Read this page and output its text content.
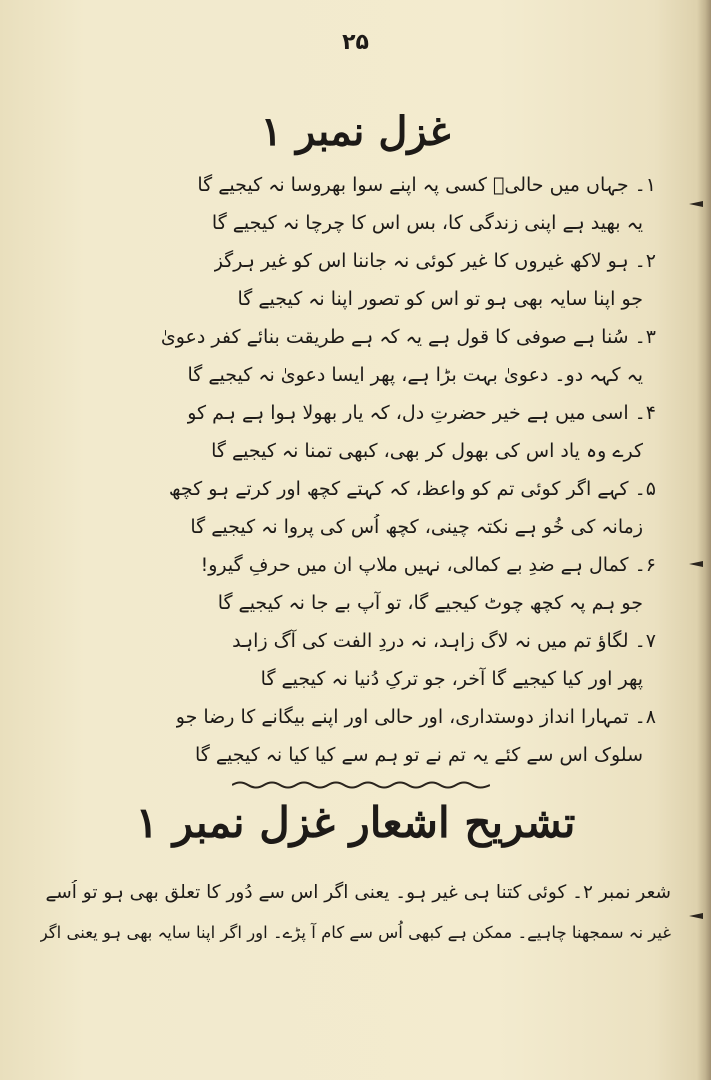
۲۵
غزل نمبر ۱
۱۔ جہاں میں حالیؔ کسی پہ اپنے سوا بھروسا نہ کیجیے گا
یہ بھید ہے اپنی زندگی کا، بس اس کا چرچا نہ کیجیے گا
۲۔ ہو لاکھ غیروں کا غیر کوئی نہ جاننا اس کو غیر ہرگز
جو اپنا سایہ بھی ہو تو اس کو تصور اپنا نہ کیجیے گا
۳۔ سُنا ہے صوفی کا قول ہے یہ کہ ہے طریقت بنائے کفر دعویٰ
یہ کہہ دو۔ دعویٰ بہت بڑا ہے، پھر ایسا دعویٰ نہ کیجیے گا
۴۔ اسی میں ہے خیر حضرتِ دل، کہ یار بھولا ہوا ہے ہم کو
کرے وہ یاد اس کی بھول کر بھی، کبھی تمنا نہ کیجیے گا
۵۔ کہے اگر کوئی تم کو واعظ، کہ کہتے کچھ اور کرتے ہو کچھ
زمانہ کی خُو ہے نکتہ چینی، کچھ اُس کی پروا نہ کیجیے گا
۶۔ کمال ہے ضدِ بے کمالی، نہیں ملاپ ان میں حرفِ گیرو!
جو ہم پہ کچھ چوٹ کیجیے گا، تو آپ بے جا نہ کیجیے گا
۷۔ لگاؤ تم میں نہ لاگ زاہد، نہ دردِ الفت کی آگ زاہد
پھر اور کیا کیجیے گا آخر، جو ترکِ دُنیا نہ کیجیے گا
۸۔ تمہارا انداز دوستداری، اور حالی اور اپنے بیگانے کا رضا جو
سلوک اس سے کئے یہ تم نے تو ہم سے کیا کیا نہ کیجیے گا
تشریح اشعار غزل نمبر ۱
شعر نمبر ۲۔ کوئی کتنا ہی غیر ہو۔ یعنی اگر اس سے دُور کا تعلق بھی ہو تو اُسے
غیر نہ سمجھنا چاہیے۔ ممکن ہے کبھی اُس سے کام آ پڑے۔ اور اگر اپنا سایہ بھی ہو یعنی اگر
